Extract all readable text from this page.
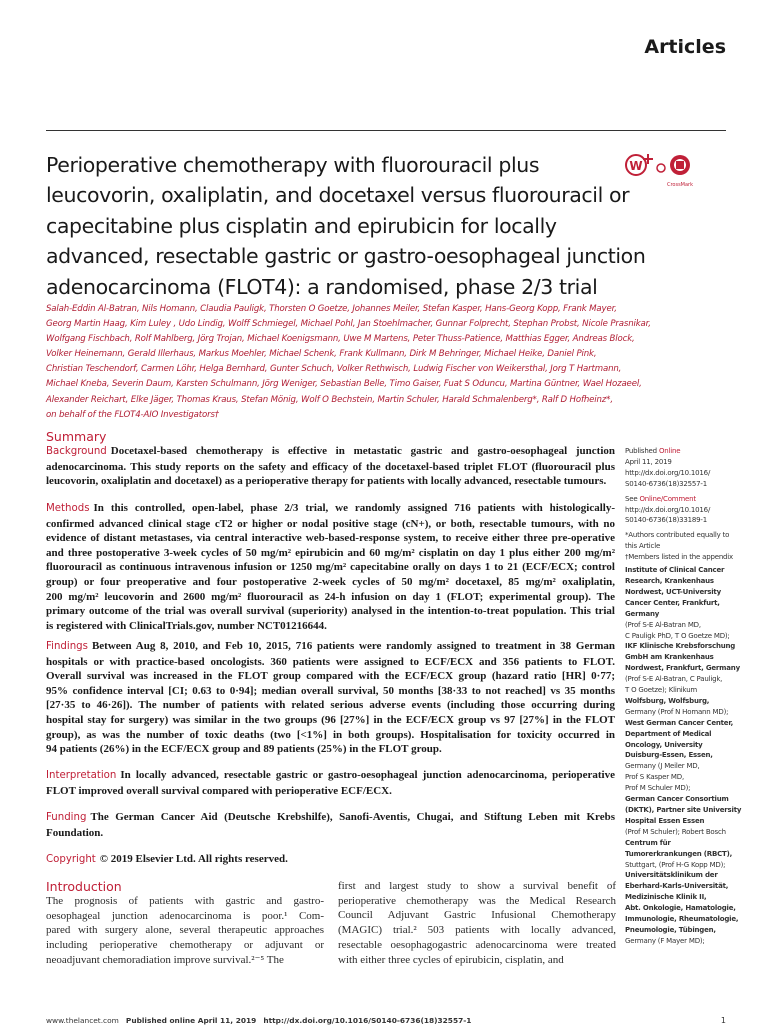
Articles
Perioperative chemotherapy with fluorouracil plus
leucovorin, oxaliplatin, and docetaxel versus fluorouracil or
capecitabine plus cisplatin and epirubicin for locally
advanced, resectable gastric or gastro-oesophageal junction
adenocarcinoma (FLOT4): a randomised, phase 2/3 trial
W
CrossMark
Salah-Eddin Al-Batran, Nils Homann, Claudia Pauligk, Thorsten O Goetze, Johannes Meiler, Stefan Kasper, Hans-Georg Kopp, Frank Mayer,
Georg Martin Haag, Kim Luley , Udo Lindig, Wolff Schmiegel, Michael Pohl, Jan Stoehlmacher, Gunnar Folprecht, Stephan Probst, Nicole Prasnikar,
Wolfgang Fischbach, Rolf Mahlberg, Jörg Trojan, Michael Koenigsmann, Uwe M Martens, Peter Thuss-Patience, Matthias Egger, Andreas Block,
Volker Heinemann, Gerald Illerhaus, Markus Moehler, Michael Schenk, Frank Kullmann, Dirk M Behringer, Michael Heike, Daniel Pink,
Christian Teschendorf, Carmen Löhr, Helga Bernhard, Gunter Schuch, Volker Rethwisch, Ludwig Fischer von Weikersthal, Jorg T Hartmann,
Michael Kneba, Severin Daum, Karsten Schulmann, Jörg Weniger, Sebastian Belle, Timo Gaiser, Fuat S Oduncu, Martina Güntner, Wael Hozaeel,
Alexander Reichart, Elke Jäger, Thomas Kraus, Stefan Mönig, Wolf O Bechstein, Martin Schuler, Harald Schmalenberg*, Ralf D Hofheinz*,
on behalf of the FLOT4-AIO Investigators†
Summary
Background Docetaxel-based chemotherapy is effective in metastatic gastric and gastro-oesophageal junction
adenocarcinoma. This study reports on the safety and efficacy of the docetaxel-based triplet FLOT (fluorouracil plus
leucovorin, oxaliplatin and docetaxel) as a perioperative therapy for patients with locally advanced, resectable tumours.
Methods In this controlled, open-label, phase 2/3 trial, we randomly assigned 716 patients with histologically-
confirmed advanced clinical stage cT2 or higher or nodal positive stage (cN+), or both, resectable tumours, with no
evidence of distant metastases, via central interactive web-based-response system, to receive either three pre-operative
and three postoperative 3-week cycles of 50 mg/m² epirubicin and 60 mg/m² cisplatin on day 1 plus either 200 mg/m²
fluorouracil as continuous intravenous infusion or 1250 mg/m² capecitabine orally on days 1 to 21 (ECF/ECX; control
group) or four preoperative and four postoperative 2-week cycles of 50 mg/m² docetaxel, 85 mg/m² oxaliplatin,
200 mg/m² leucovorin and 2600 mg/m² fluorouracil as 24-h infusion on day 1 (FLOT; experimental group). The
primary outcome of the trial was overall survival (superiority) analysed in the intention-to-treat population. This trial
is registered with ClinicalTrials.gov, number NCT01216644.
Findings Between Aug 8, 2010, and Feb 10, 2015, 716 patients were randomly assigned to treatment in 38 German
hospitals or with practice-based oncologists. 360 patients were assigned to ECF/ECX and 356 patients to FLOT.
Overall survival was increased in the FLOT group compared with the ECF/ECX group (hazard ratio [HR] 0·77;
95% confidence interval [CI; 0.63 to 0·94]; median overall survival, 50 months [38·33 to not reached] vs 35 months
[27·35 to 46·26]). The number of patients with related serious adverse events (including those occurring during
hospital stay for surgery) was similar in the two groups (96 [27%] in the ECF/ECX group vs 97 [27%] in the FLOT
group), as was the number of toxic deaths (two [<1%] in both groups). Hospitalisation for toxicity occurred in
94 patients (26%) in the ECF/ECX group and 89 patients (25%) in the FLOT group.
Interpretation In locally advanced, resectable gastric or gastro-oesophageal junction adenocarcinoma, perioperative
FLOT improved overall survival compared with perioperative ECF/ECX.
Funding The German Cancer Aid (Deutsche Krebshilfe), Sanofi-Aventis, Chugai, and Stiftung Leben mit Krebs
Foundation.
Copyright © 2019 Elsevier Ltd. All rights reserved.
Introduction
The prognosis of patients with gastric and gastro-
oesophageal junction adenocarcinoma is poor.¹ Com-
pared with surgery alone, several therapeutic approaches
including perioperative chemotherapy or adjuvant or
neoadjuvant chemoradiation improve survival.²⁻⁵ The
first and largest study to show a survival benefit of
perioperative chemotherapy was the Medical Research
Council Adjuvant Gastric Infusional Chemotherapy
(MAGIC) trial.² 503 patients with locally advanced,
resectable oesophagogastric adenocarcinoma were treated
with either three cycles of epirubicin, cisplatin, and
Published Online
April 11, 2019
http://dx.doi.org/10.1016/
S0140-6736(18)32557-1
See Online/Comment
http://dx.doi.org/10.1016/
S0140-6736(18)33189-1
*Authors contributed equally to
this Article
†Members listed in the appendix
Institute of Clinical Cancer
Research, Krankenhaus
Nordwest, UCT-University
Cancer Center, Frankfurt,
Germany
(Prof S-E Al-Batran MD,
C Pauligk PhD, T O Goetze MD);
IKF Klinische Krebsforschung
GmbH am Krankenhaus
Nordwest, Frankfurt, Germany
(Prof S-E Al-Batran, C Pauligk,
T O Goetze); Klinikum
Wolfsburg, Wolfsburg,
Germany (Prof N Homann MD);
West German Cancer Center,
Department of Medical
Oncology, University
Duisburg-Essen, Essen,
Germany (J Meiler MD,
Prof S Kasper MD,
Prof M Schuler MD);
German Cancer Consortium
(DKTK), Partner site University
Hospital Essen Essen
(Prof M Schuler); Robert Bosch
Centrum für
Tumorerkrankungen (RBCT),
Stuttgart, (Prof H-G Kopp MD);
Universitätsklinikum der
Eberhard-Karls-Universität,
Medizinische Klinik II,
Abt. Onkologie, Hamatologie,
Immunologie, Rheumatologie,
Pneumologie, Tübingen,
Germany (F Mayer MD);
www.thelancet.com Published online April 11, 2019 http://dx.doi.org/10.1016/S0140-6736(18)32557-1	1
